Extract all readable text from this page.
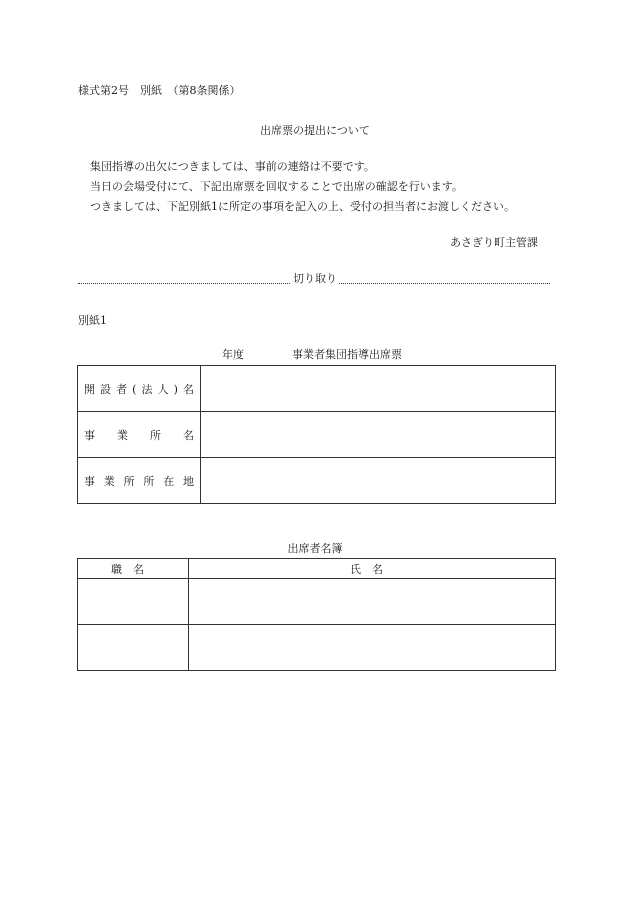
様式第2号　別紙　（第8条関係）
出席票の提出について
集団指導の出欠につきましては、事前の連絡は不要です。
当日の会場受付にて、下記出席票を回収することで出席の確認を行います。
つきましては、下記別紙1に所定の事項を記入の上、受付の担当者にお渡しください。
あさぎり町主管課
切り取り
別紙1
年度	事業者集団指導出席票
開設者(法人)名	
事業所名	
事業所所在地	
出席者名簿
職名	氏名
